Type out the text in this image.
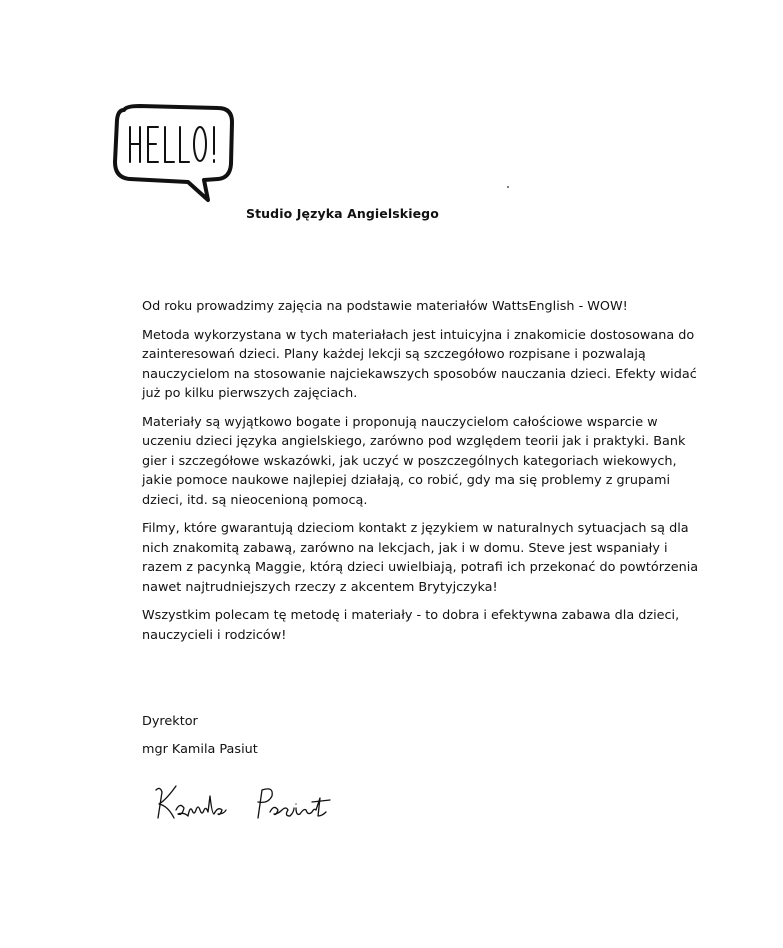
Studio Języka Angielskiego

Od roku prowadzimy zajęcia na podstawie materiałów WattsEnglish - WOW!

Metoda wykorzystana w tych materiałach jest intuicyjna i znakomicie dostosowana do zainteresowań dzieci. Plany każdej lekcji są szczegółowo rozpisane i pozwalają nauczycielom na stosowanie najciekawszych sposobów nauczania dzieci. Efekty widać już po kilku pierwszych zajęciach.

Materiały są wyjątkowo bogate i proponują nauczycielom całościowe wsparcie w uczeniu dzieci języka angielskiego, zarówno pod względem teorii jak i praktyki. Bank gier i szczegółowe wskazówki, jak uczyć w poszczególnych kategoriach wiekowych, jakie pomoce naukowe najlepiej działają, co robić, gdy ma się problemy z grupami dzieci, itd. są nieocenioną pomocą.

Filmy, które gwarantują dzieciom kontakt z językiem w naturalnych sytuacjach są dla nich znakomitą zabawą, zarówno na lekcjach, jak i w domu. Steve jest wspaniały i razem z pacynką Maggie, którą dzieci uwielbiają, potrafi ich przekonać do powtórzenia nawet najtrudniejszych rzeczy z akcentem Brytyjczyka!

Wszystkim polecam tę metodę i materiały - to dobra i efektywna zabawa dla dzieci, nauczycieli i rodziców!

Dyrektor
mgr Kamila Pasiut
